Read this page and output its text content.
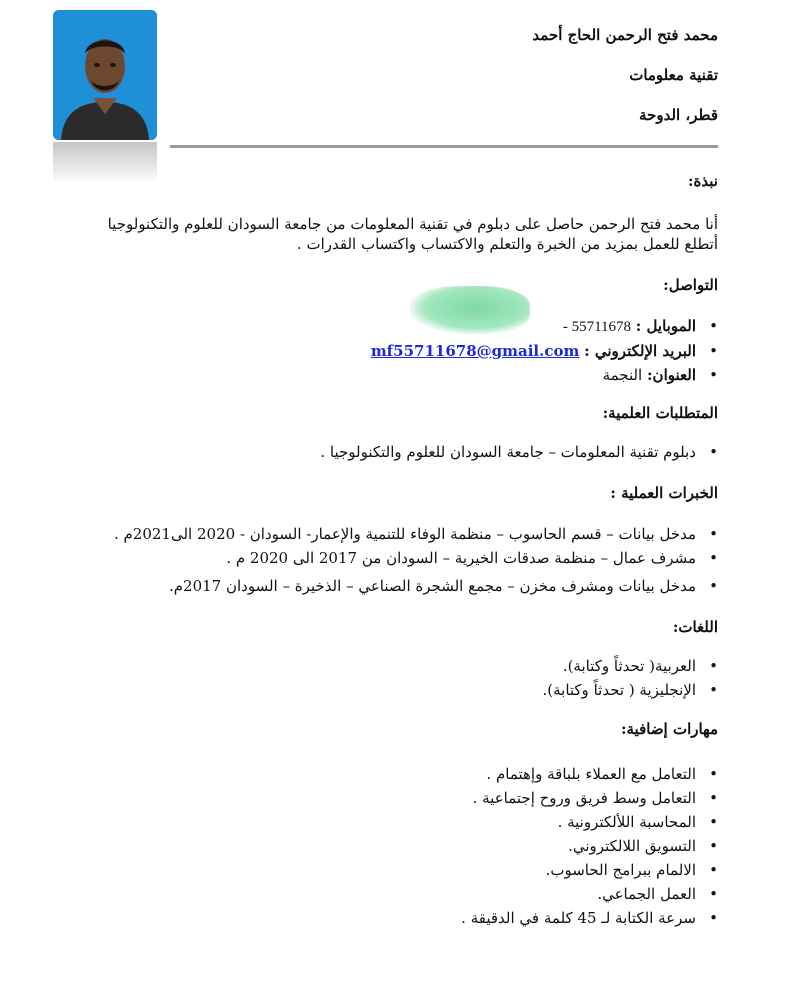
محمد فتح الرحمن الحاج أحمد
تقنية معلومات
قطر، الدوحة
نبذة:
أنا محمد فتح الرحمن حاصل على دبلوم في تقنية المعلومات من جامعة السودان للعلوم والتكنولوجيا أتطلع للعمل بمزيد من الخبرة والتعلم والاكتساب واكتساب القدرات .
التواصل:
• الموبايل : 55711678 -
• البريد الإلكتروني : mf55711678@gmail.com
• العنوان: النجمة
المتطلبات العلمية:
• دبلوم تقنية المعلومات – جامعة السودان للعلوم والتكنولوجيا .
الخبرات العملية :
• مدخل بيانات – قسم الحاسوب – منظمة الوفاء للتنمية والإعمار- السودان - 2020 الى2021م .
• مشرف عمال – منظمة صدقات الخيرية – السودان من 2017 الى 2020 م .
• مدخل بيانات ومشرف مخزن – مجمع الشجرة الصناعي – الذخيرة – السودان 2017م.
اللغات:
• العربية( تحدثاً وكتابة).
• الإنجليزية ( تحدثاً وكتابة).
مهارات إضافية:
• التعامل مع العملاء بلباقة وإهتمام .
• التعامل وسط فريق وروح إجتماعية .
• المحاسبة اللألكترونية .
• التسويق اللالكتروني.
• الالمام ببرامج الحاسوب.
• العمل الجماعي.
• سرعة الكتابة لـ 45 كلمة في الدقيقة .
